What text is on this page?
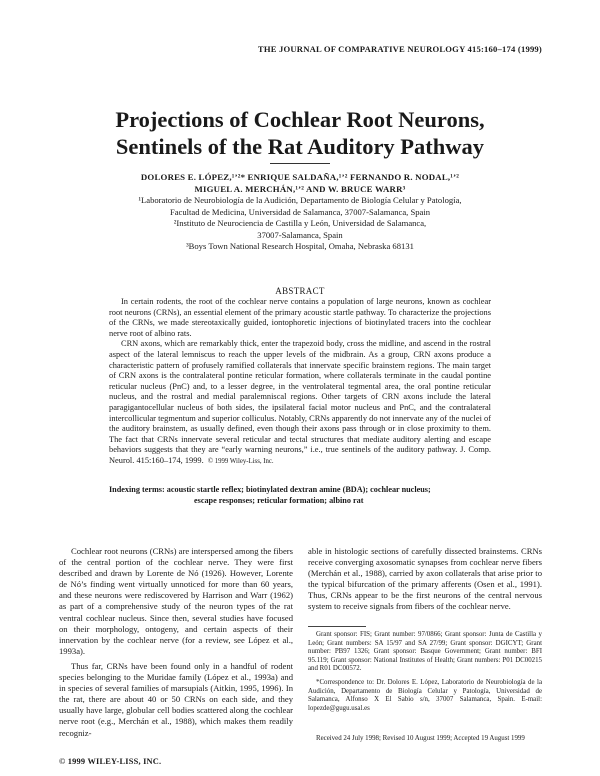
THE JOURNAL OF COMPARATIVE NEUROLOGY 415:160–174 (1999)
Projections of Cochlear Root Neurons,
Sentinels of the Rat Auditory Pathway
DOLORES E. LÓPEZ,¹’²* ENRIQUE SALDAÑA,¹’² FERNANDO R. NODAL,¹’²
MIGUEL A. MERCHÁN,¹’² AND W. BRUCE WARR³
¹Laboratorio de Neurobiología de la Audición, Departamento de Biología Celular y Patología,
Facultad de Medicina, Universidad de Salamanca, 37007-Salamanca, Spain
²Instituto de Neurociencia de Castilla y León, Universidad de Salamanca,
37007-Salamanca, Spain
³Boys Town National Research Hospital, Omaha, Nebraska 68131
ABSTRACT

In certain rodents, the root of the cochlear nerve contains a population of large neurons, known as cochlear root neurons (CRNs), an essential element of the primary acoustic startle pathway. To characterize the projections of the CRNs, we made stereotaxically guided, iontophoretic injections of biotinylated tracers into the cochlear nerve root of albino rats.

CRN axons, which are remarkably thick, enter the trapezoid body, cross the midline, and ascend in the rostral aspect of the lateral lemniscus to reach the upper levels of the midbrain. As a group, CRN axons produce a characteristic pattern of profusely ramified collaterals that innervate specific brainstem regions. The main target of CRN axons is the contralateral pontine reticular formation, where collaterals terminate in the caudal pontine reticular nucleus (PnC) and, to a lesser degree, in the ventrolateral tegmental area, the oral pontine reticular nucleus, and the rostral and medial paralemniscal regions. Other targets of CRN axons include the lateral paragigantocellular nucleus of both sides, the ipsilateral facial motor nucleus and PnC, and the contralateral intercollicular tegmentum and superior colliculus. Notably, CRNs apparently do not innervate any of the nuclei of the auditory brainstem, as usually defined, even though their axons pass through or in close proximity to them. The fact that CRNs innervate several reticular and tectal structures that mediate auditory alerting and escape behaviors suggests that they are “early warning neurons,” i.e., true sentinels of the auditory pathway. J. Comp. Neurol. 415:160–174, 1999. © 1999 Wiley-Liss, Inc.

Indexing terms: acoustic startle reflex; biotinylated dextran amine (BDA); cochlear nucleus;
escape responses; reticular formation; albino rat

Cochlear root neurons (CRNs) are interspersed among the fibers of the central portion of the cochlear nerve. They were first described and drawn by Lorente de Nó (1926). However, Lorente de Nó’s finding went virtually unnoticed for more than 60 years, and these neurons were rediscovered by Harrison and Warr (1962) as part of a comprehensive study of the neuron types of the rat ventral cochlear nucleus. Since then, several studies have focused on their morphology, ontogeny, and certain aspects of their innervation by the cochlear nerve (for a review, see López et al., 1993a).

Thus far, CRNs have been found only in a handful of rodent species belonging to the Muridae family (López et al., 1993a) and in species of several families of marsupials (Aitkin, 1995, 1996). In the rat, there are about 40 or 50 CRNs on each side, and they usually have large, globular cell bodies scattered along the cochlear nerve root (e.g., Merchán et al., 1988), which makes them readily recogniz-

able in histologic sections of carefully dissected brainstems. CRNs receive converging axosomatic synapses from cochlear nerve fibers (Merchán et al., 1988), carried by axon collaterals that arise prior to the typical bifurcation of the primary afferents (Osen et al., 1991). Thus, CRNs appear to be the first neurons of the central nervous system to receive signals from fibers of the cochlear nerve.

Grant sponsor: FIS; Grant number: 97/0866; Grant sponsor: Junta de Castilla y León; Grant numbers: SA 15/97 and SA 27/99; Grant sponsor: DGICYT; Grant number: PB97 1326; Grant sponsor: Basque Government; Grant number: BFI 95.119; Grant sponsor: National Institutes of Health; Grant numbers: P01 DC00215 and R01 DC00572.

*Correspondence to: Dr. Dolores E. López, Laboratorio de Neurobiología de la Audición, Departamento de Biología Celular y Patología, Universidad de Salamanca, Alfonso X El Sabio s/n, 37007 Salamanca, Spain. E-mail: lopezde@gugu.usal.es

Received 24 July 1998; Revised 10 August 1999; Accepted 19 August 1999
© 1999 WILEY-LISS, INC.
